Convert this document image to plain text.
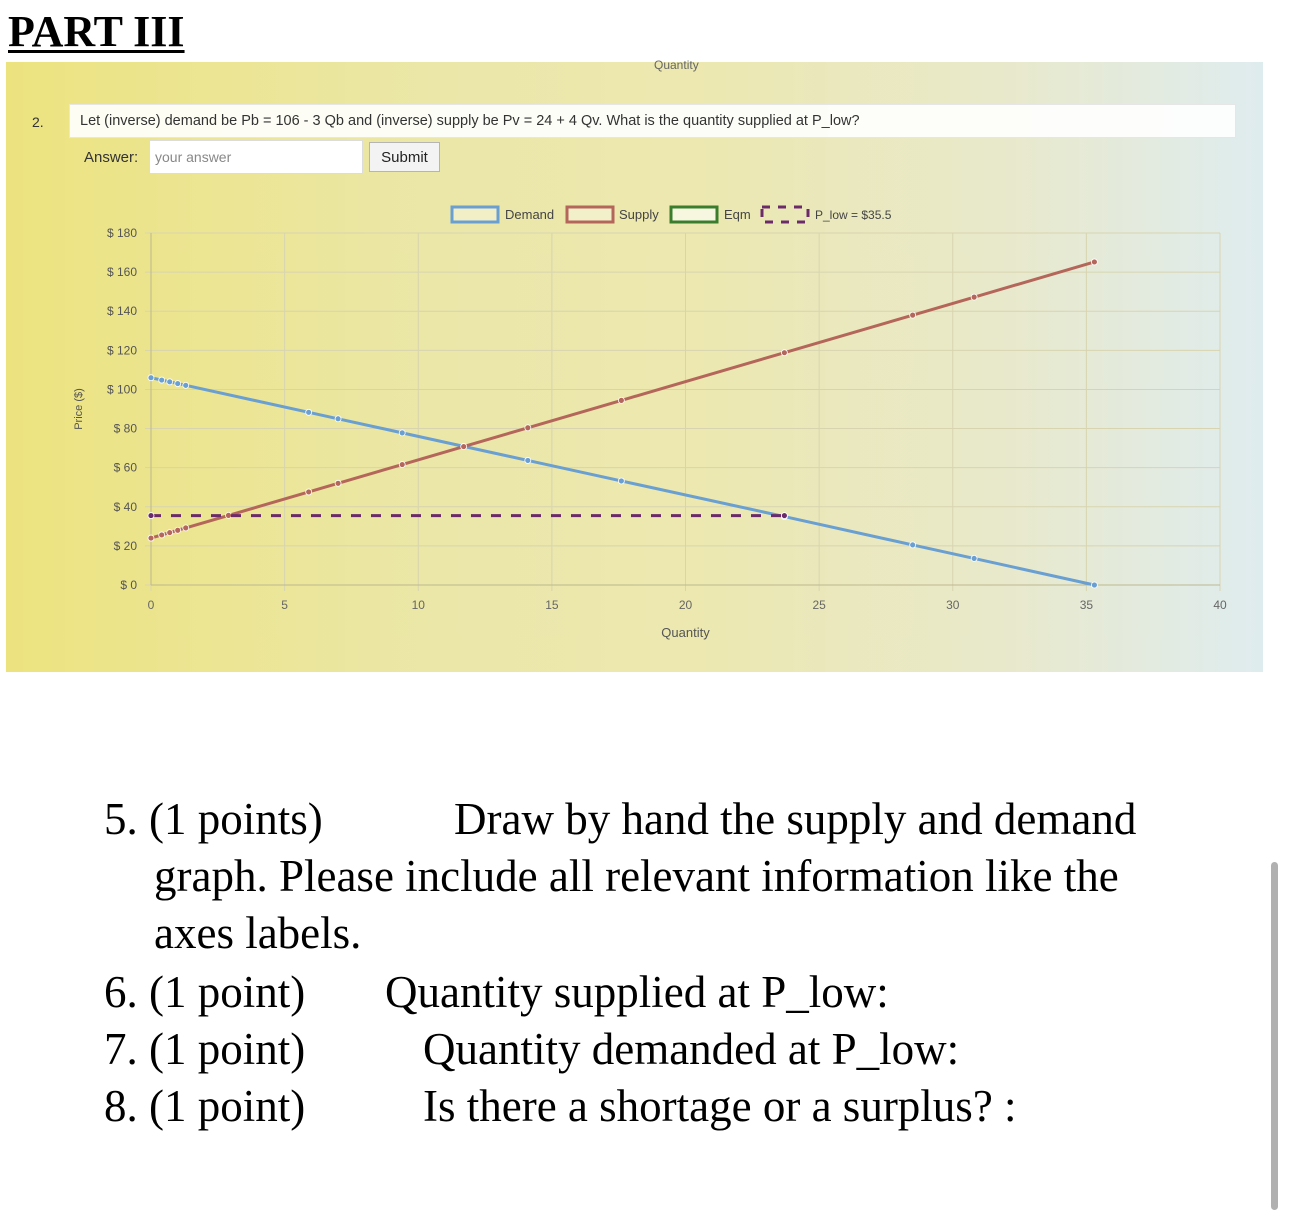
PART III
Quantity
2.	Let (inverse) demand be Pb = 106 - 3 Qb and (inverse) supply be Pv = 24 + 4 Qv. What is the quantity supplied at P_low?
Answer:
your answer	Submit
0	5	10	15	20	25	30	35	40
$ 0
$ 20
$ 40
$ 60
$ 80
$ 100
$ 120
$ 140
$ 160
$ 180
Quantity
Price ($)
Demand	Supply	Eqm	P_low = $35.5
5. (1 points)	Draw by hand the supply and demand
graph. Please include all relevant information like the
axes labels.
6. (1 point) Quantity supplied at P_low:
7. (1 point)	Quantity demanded at P_low:
8. (1 point)	Is there a shortage or a surplus? :
